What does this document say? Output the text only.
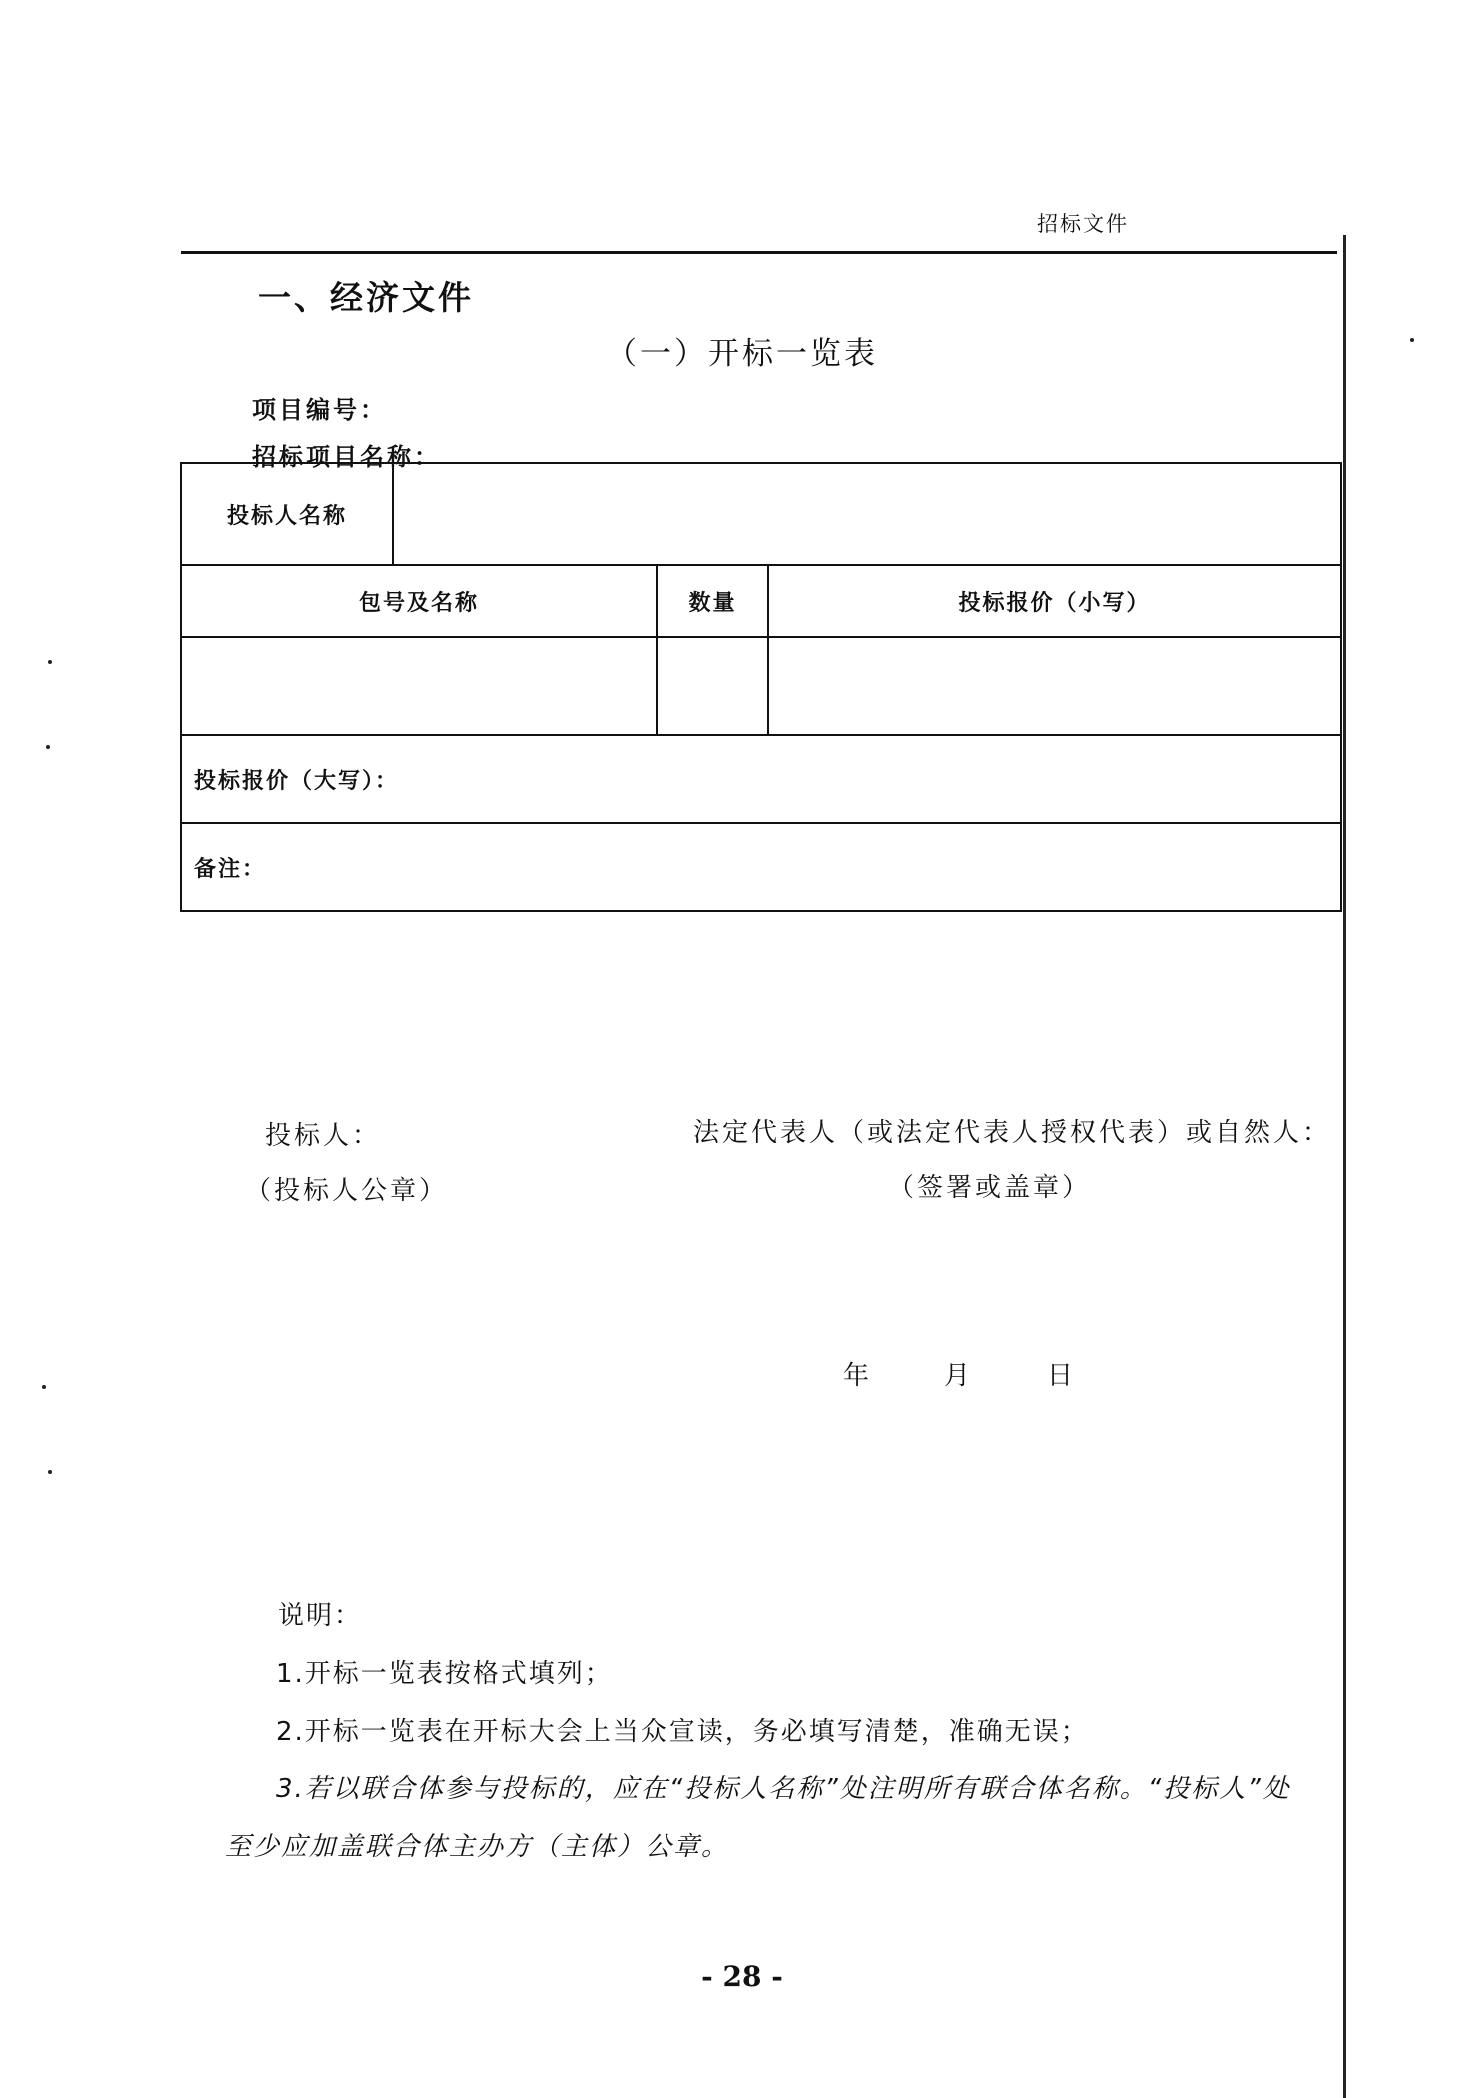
招标文件
一、经济文件
（一）开标一览表
项目编号：
招标项目名称：
投标人名称			
包号及名称		数量	投标报价（小写）

投标报价（大写）：			
备注：			
投标人：
（投标人公章）
法定代表人（或法定代表人授权代表）或自然人：
（签署或盖章）
年	月	日
说明：
1.开标一览表按格式填列；
2.开标一览表在开标大会上当众宣读，务必填写清楚，准确无误；
3.若以联合体参与投标的，应在“投标人名称”处注明所有联合体名称。“投标人”处
至少应加盖联合体主办方（主体）公章。
- 28 -
